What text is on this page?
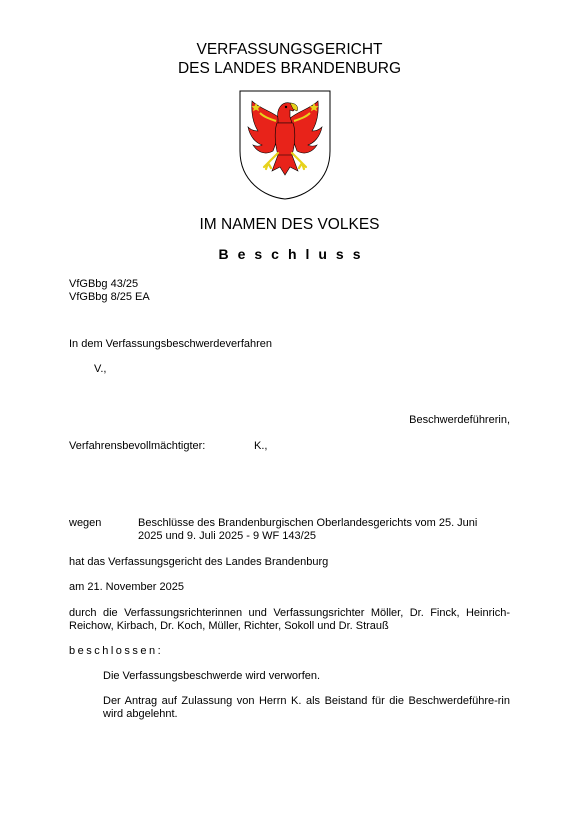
VERFASSUNGSGERICHT
DES LANDES BRANDENBURG
IM NAMEN DES VOLKES
Beschluss
VfGBbg 43/25
VfGBbg 8/25 EA
In dem Verfassungsbeschwerdeverfahren
V.,
Beschwerdeführerin,
Verfahrensbevollmächtigter:	K.,
wegen	Beschlüsse des Brandenburgischen Oberlandesgerichts vom 25. Juni
2025 und 9. Juli 2025 - 9 WF 143/25
hat das Verfassungsgericht des Landes Brandenburg
am 21. November 2025
durch die Verfassungsrichterinnen und Verfassungsrichter Möller, Dr. Finck, Heinrich-Reichow, Kirbach, Dr. Koch, Müller, Richter, Sokoll und Dr. Strauß
beschlossen:
Die Verfassungsbeschwerde wird verworfen.
Der Antrag auf Zulassung von Herrn K. als Beistand für die Beschwerdeführe-rin wird abgelehnt.
